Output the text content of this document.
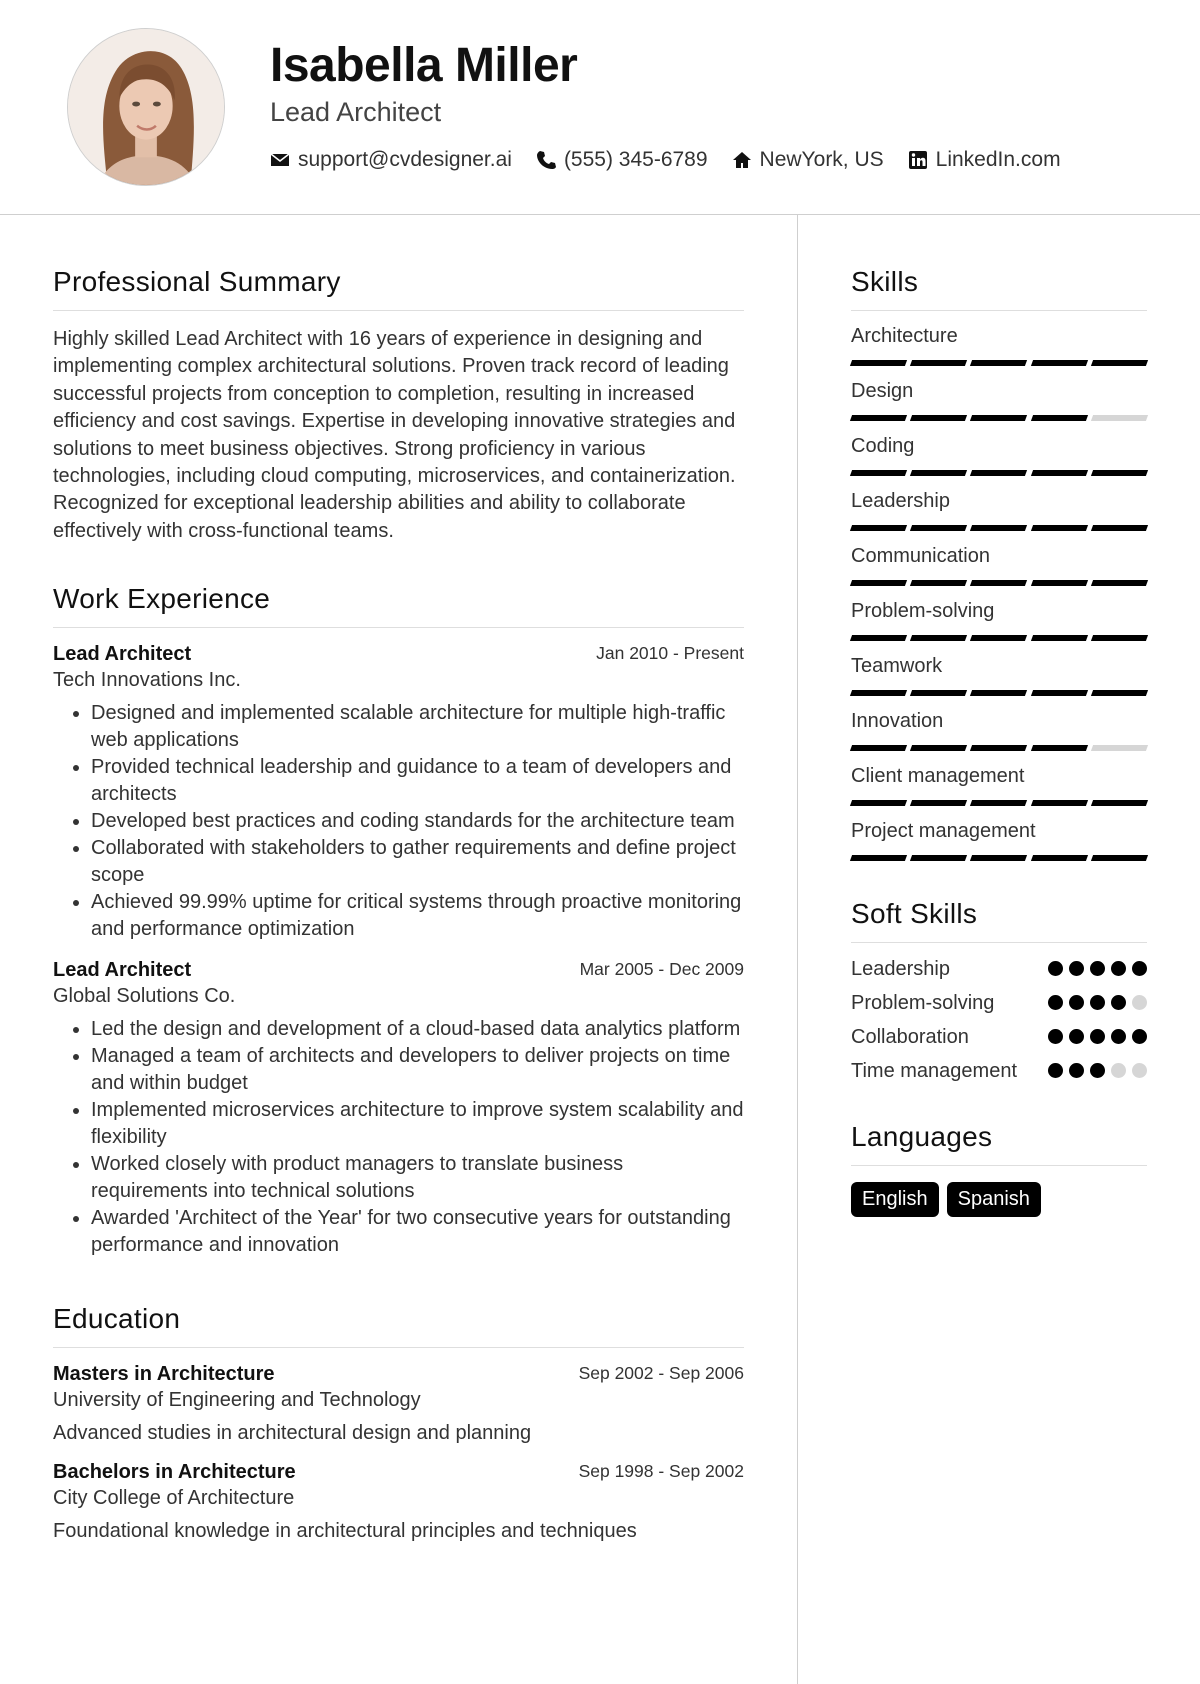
Isabella Miller
Lead Architect
support@cvdesigner.ai (555) 345-6789 NewYork, US LinkedIn.com
Professional Summary

Highly skilled Lead Architect with 16 years of experience in designing and implementing complex architectural solutions. Proven track record of leading successful projects from conception to completion, resulting in increased efficiency and cost savings. Expertise in developing innovative strategies and solutions to meet business objectives. Strong proficiency in various technologies, including cloud computing, microservices, and containerization. Recognized for exceptional leadership abilities and ability to collaborate effectively with cross-functional teams.

Work Experience
Lead Architect	Jan 2010 - Present
Tech Innovations Inc.
• Designed and implemented scalable architecture for multiple high-traffic web applications
• Provided technical leadership and guidance to a team of developers and architects
• Developed best practices and coding standards for the architecture team
• Collaborated with stakeholders to gather requirements and define project scope
• Achieved 99.99% uptime for critical systems through proactive monitoring and performance optimization
Lead Architect	Mar 2005 - Dec 2009
Global Solutions Co.
• Led the design and development of a cloud-based data analytics platform
• Managed a team of architects and developers to deliver projects on time and within budget
• Implemented microservices architecture to improve system scalability and flexibility
• Worked closely with product managers to translate business requirements into technical solutions
• Awarded 'Architect of the Year' for two consecutive years for outstanding performance and innovation
Education
Masters in Architecture	Sep 2002 - Sep 2006
University of Engineering and Technology
Advanced studies in architectural design and planning
Bachelors in Architecture	Sep 1998 - Sep 2002
City College of Architecture
Foundational knowledge in architectural principles and techniques
Skills
Architecture
Design
Coding
Leadership
Communication
Problem-solving
Teamwork
Innovation
Client management
Project management
Soft Skills
Leadership
Problem-solving
Collaboration
Time management
Languages
English	Spanish
